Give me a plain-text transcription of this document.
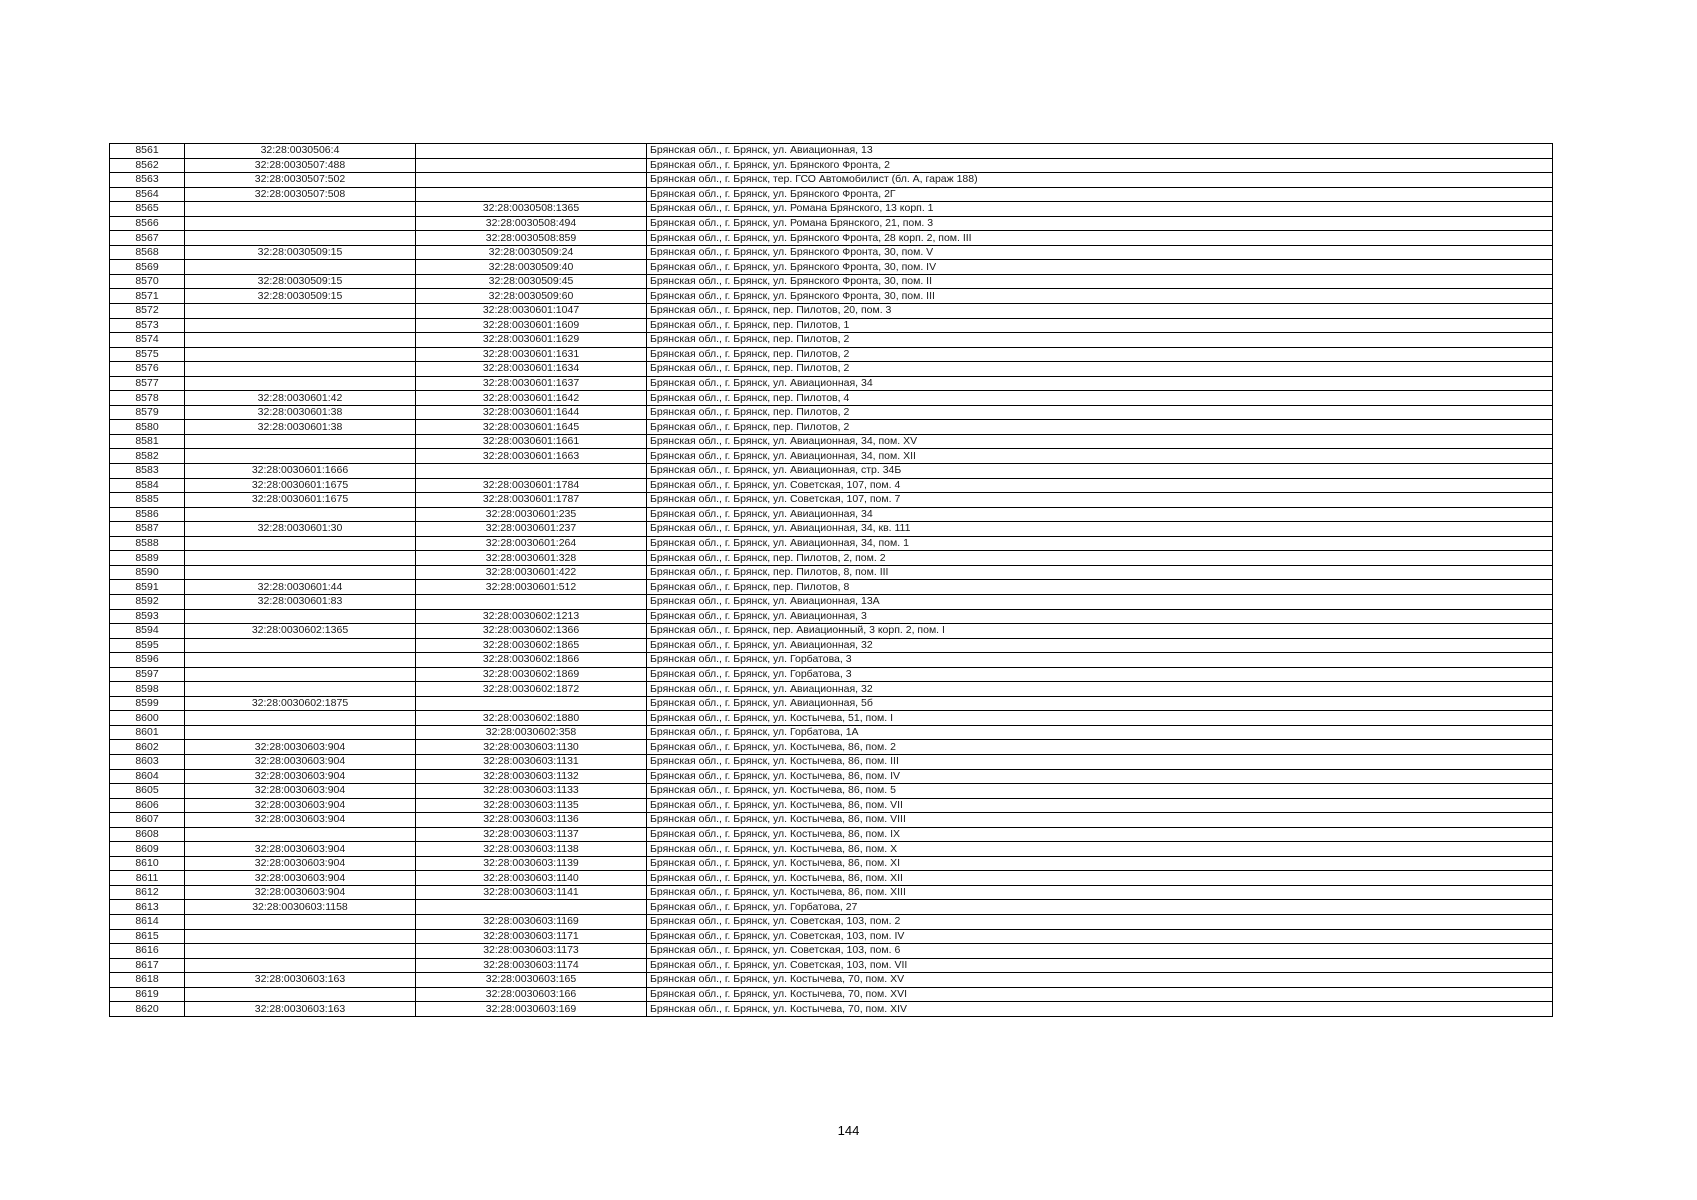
8561	32:28:0030506:4		Брянская обл., г. Брянск, ул. Авиационная, 13
8562	32:28:0030507:488		Брянская обл., г. Брянск, ул. Брянского Фронта, 2
8563	32:28:0030507:502		Брянская обл., г. Брянск, тер. ГСО Автомобилист (бл. А, гараж 188)
8564	32:28:0030507:508		Брянская обл., г. Брянск, ул. Брянского Фронта, 2Г
8565		32:28:0030508:1365	Брянская обл., г. Брянск, ул. Романа Брянского, 13 корп. 1
8566		32:28:0030508:494	Брянская обл., г. Брянск, ул. Романа Брянского, 21, пом. 3
8567		32:28:0030508:859	Брянская обл., г. Брянск, ул. Брянского Фронта, 28 корп. 2, пом. III
8568	32:28:0030509:15	32:28:0030509:24	Брянская обл., г. Брянск, ул. Брянского Фронта, 30, пом. V
8569		32:28:0030509:40	Брянская обл., г. Брянск, ул. Брянского Фронта, 30, пом. IV
8570	32:28:0030509:15	32:28:0030509:45	Брянская обл., г. Брянск, ул. Брянского Фронта, 30, пом. II
8571	32:28:0030509:15	32:28:0030509:60	Брянская обл., г. Брянск, ул. Брянского Фронта, 30, пом. III
8572		32:28:0030601:1047	Брянская обл., г. Брянск, пер. Пилотов, 20, пом. 3
8573		32:28:0030601:1609	Брянская обл., г. Брянск, пер. Пилотов, 1
8574		32:28:0030601:1629	Брянская обл., г. Брянск, пер. Пилотов, 2
8575		32:28:0030601:1631	Брянская обл., г. Брянск, пер. Пилотов, 2
8576		32:28:0030601:1634	Брянская обл., г. Брянск, пер. Пилотов, 2
8577		32:28:0030601:1637	Брянская обл., г. Брянск, ул. Авиационная, 34
8578	32:28:0030601:42	32:28:0030601:1642	Брянская обл., г. Брянск, пер. Пилотов, 4
8579	32:28:0030601:38	32:28:0030601:1644	Брянская обл., г. Брянск, пер. Пилотов, 2
8580	32:28:0030601:38	32:28:0030601:1645	Брянская обл., г. Брянск, пер. Пилотов, 2
8581		32:28:0030601:1661	Брянская обл., г. Брянск, ул. Авиационная, 34, пом. XV
8582		32:28:0030601:1663	Брянская обл., г. Брянск, ул. Авиационная, 34, пом. XII
8583	32:28:0030601:1666		Брянская обл., г. Брянск, ул. Авиационная, стр. 34Б
8584	32:28:0030601:1675	32:28:0030601:1784	Брянская обл., г. Брянск, ул. Советская, 107, пом. 4
8585	32:28:0030601:1675	32:28:0030601:1787	Брянская обл., г. Брянск, ул. Советская, 107, пом. 7
8586		32:28:0030601:235	Брянская обл., г. Брянск, ул. Авиационная, 34
8587	32:28:0030601:30	32:28:0030601:237	Брянская обл., г. Брянск, ул. Авиационная, 34, кв. 111
8588		32:28:0030601:264	Брянская обл., г. Брянск, ул. Авиационная, 34, пом. 1
8589		32:28:0030601:328	Брянская обл., г. Брянск, пер. Пилотов, 2, пом. 2
8590		32:28:0030601:422	Брянская обл., г. Брянск, пер. Пилотов, 8, пом. III
8591	32:28:0030601:44	32:28:0030601:512	Брянская обл., г. Брянск, пер. Пилотов, 8
8592	32:28:0030601:83		Брянская обл., г. Брянск, ул. Авиационная, 13А
8593		32:28:0030602:1213	Брянская обл., г. Брянск, ул. Авиационная, 3
8594	32:28:0030602:1365	32:28:0030602:1366	Брянская обл., г. Брянск, пер. Авиационный, 3 корп. 2, пом. I
8595		32:28:0030602:1865	Брянская обл., г. Брянск, ул. Авиационная, 32
8596		32:28:0030602:1866	Брянская обл., г. Брянск, ул. Горбатова, 3
8597		32:28:0030602:1869	Брянская обл., г. Брянск, ул. Горбатова, 3
8598		32:28:0030602:1872	Брянская обл., г. Брянск, ул. Авиационная, 32
8599	32:28:0030602:1875		Брянская обл., г. Брянск, ул. Авиационная, 5б
8600		32:28:0030602:1880	Брянская обл., г. Брянск, ул. Костычева, 51, пом. I
8601		32:28:0030602:358	Брянская обл., г. Брянск, ул. Горбатова, 1А
8602	32:28:0030603:904	32:28:0030603:1130	Брянская обл., г. Брянск, ул. Костычева, 86, пом. 2
8603	32:28:0030603:904	32:28:0030603:1131	Брянская обл., г. Брянск, ул. Костычева, 86, пом. III
8604	32:28:0030603:904	32:28:0030603:1132	Брянская обл., г. Брянск, ул. Костычева, 86, пом. IV
8605	32:28:0030603:904	32:28:0030603:1133	Брянская обл., г. Брянск, ул. Костычева, 86, пом. 5
8606	32:28:0030603:904	32:28:0030603:1135	Брянская обл., г. Брянск, ул. Костычева, 86, пом. VII
8607	32:28:0030603:904	32:28:0030603:1136	Брянская обл., г. Брянск, ул. Костычева, 86, пом. VIII
8608		32:28:0030603:1137	Брянская обл., г. Брянск, ул. Костычева, 86, пом. IX
8609	32:28:0030603:904	32:28:0030603:1138	Брянская обл., г. Брянск, ул. Костычева, 86, пом. X
8610	32:28:0030603:904	32:28:0030603:1139	Брянская обл., г. Брянск, ул. Костычева, 86, пом. XI
8611	32:28:0030603:904	32:28:0030603:1140	Брянская обл., г. Брянск, ул. Костычева, 86, пом. XII
8612	32:28:0030603:904	32:28:0030603:1141	Брянская обл., г. Брянск, ул. Костычева, 86, пом. XIII
8613	32:28:0030603:1158		Брянская обл., г. Брянск, ул. Горбатова, 27
8614		32:28:0030603:1169	Брянская обл., г. Брянск, ул. Советская, 103, пом. 2
8615		32:28:0030603:1171	Брянская обл., г. Брянск, ул. Советская, 103, пом. IV
8616		32:28:0030603:1173	Брянская обл., г. Брянск, ул. Советская, 103, пом. 6
8617		32:28:0030603:1174	Брянская обл., г. Брянск, ул. Советская, 103, пом. VII
8618	32:28:0030603:163	32:28:0030603:165	Брянская обл., г. Брянск, ул. Костычева, 70, пом. XV
8619		32:28:0030603:166	Брянская обл., г. Брянск, ул. Костычева, 70, пом. XVI
8620	32:28:0030603:163	32:28:0030603:169	Брянская обл., г. Брянск, ул. Костычева, 70, пом. XIV
144
